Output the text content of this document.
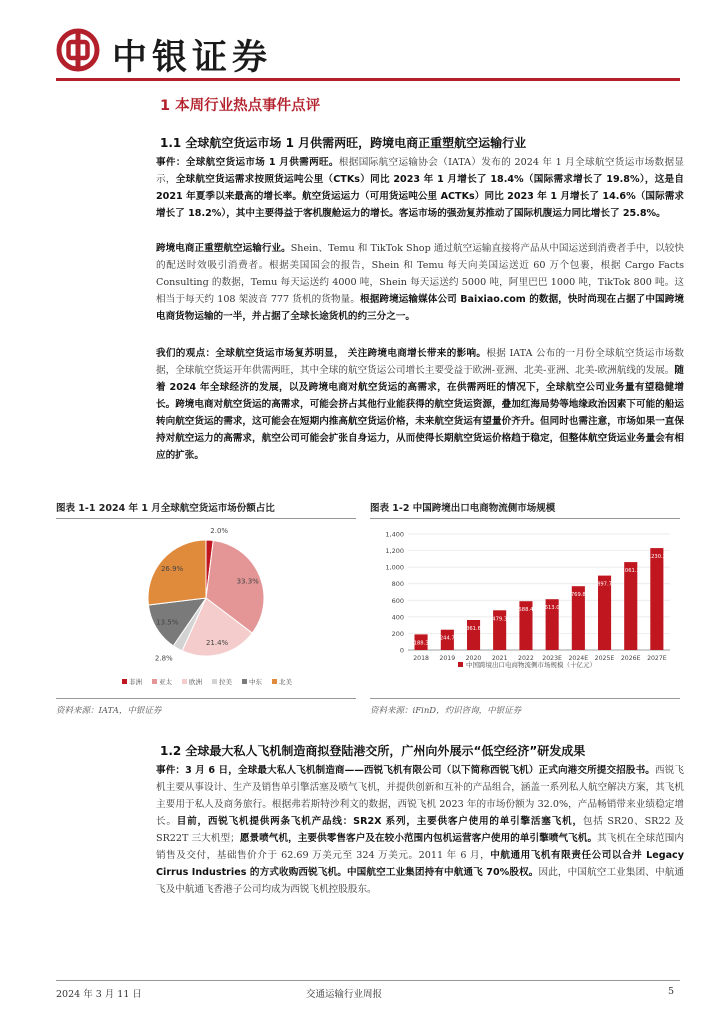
中银证券
1 本周行业热点事件点评
1.1 全球航空货运市场 1 月供需两旺，跨境电商正重塑航空运输行业
事件：全球航空货运市场 1 月供需两旺。根据国际航空运输协会（IATA）发布的 2024 年 1 月全球航空货运市场数据显示，全球航空货运需求按照货运吨公里（CTKs）同比 2023 年 1 月增长了 18.4%（国际需求增长了 19.8%），这是自 2021 年夏季以来最高的增长率。航空货运运力（可用货运吨公里 ACTKs）同比 2023 年 1 月增长了 14.6%（国际需求增长了 18.2%），其中主要得益于客机腹舱运力的增长。客运市场的强劲复苏推动了国际机腹运力同比增长了 25.8%。
跨境电商正重塑航空运输行业。Shein、Temu 和 TikTok Shop 通过航空运输直接将产品从中国运送到消费者手中，以较快的配送时效吸引消费者。根据美国国会的报告，Shein 和 Temu 每天向美国运送近 60 万个包裹，根据 Cargo Facts Consulting 的数据，Temu 每天运送约 4000 吨，Shein 每天运送约 5000 吨，阿里巴巴 1000 吨，TikTok 800 吨。这相当于每天约 108 架波音 777 货机的货物量。根据跨境运输媒体公司 Baixiao.com 的数据，快时尚现在占据了中国跨境电商货物运输的一半，并占据了全球长途货机的约三分之一。
我们的观点：全球航空货运市场复苏明显， 关注跨境电商增长带来的影响。根据 IATA 公布的一月份全球航空货运市场数据，全球航空货运开年供需两旺，其中全球的航空货运公司增长主要受益于欧洲-亚洲、北美-亚洲、北美-欧洲航线的发展。随着 2024 年全球经济的发展，以及跨境电商对航空货运的高需求，在供需两旺的情况下，全球航空公司业务量有望稳健增长。跨境电商对航空货运的高需求，可能会挤占其他行业能获得的航空货运资源，叠加红海局势等地缘政治因素下可能的船运转向航空货运的需求，这可能会在短期内推高航空货运价格，未来航空货运有望量价齐升。但同时也需注意，市场如果一直保持对航空运力的高需求，航空公司可能会扩张自身运力，从而使得长期航空货运价格趋于稳定，但整体航空货运业务量会有相应的扩张。
图表 1-1 2024 年 1 月全球航空货运市场份额占比
2.0%
33.3%
21.4%
2.8%
13.5%
26.9%
非洲	亚太	欧洲	拉美	中东	北美
资料来源：IATA，中银证券
图表 1-2 中国跨境出口电商物流侧市场规模
0
200
400
600
800
1,000
1,200
1,400
188.3
2018
244.7
2019
361.6
2020
479.3
2021
588.4
2022
613.0
2023E
769.8
2024E
897.7
2025E
1061.3
2026E
1230.2
2027E
中国跨境出口电商物流侧市场规模（十亿元）
资料来源：iFinD，灼识咨询，中银证券
1.2 全球最大私人飞机制造商拟登陆港交所，广州向外展示“低空经济”研发成果
事件：3 月 6 日，全球最大私人飞机制造商——西锐飞机有限公司（以下简称西锐飞机）正式向港交所提交招股书。西锐飞机主要从事设计、生产及销售单引擎活塞及喷气飞机，并提供创新和互补的产品组合，涵盖一系列私人航空解决方案，其飞机主要用于私人及商务旅行。根据弗若斯特沙利文的数据，西锐飞机 2023 年的市场份额为 32.0%，产品畅销带来业绩稳定增长。目前，西锐飞机提供两条飞机产品线：SR2X 系列，主要供客户使用的单引擎活塞飞机，包括 SR20、SR22 及 SR22T 三大机型；愿景喷气机，主要供零售客户及在较小范围内包机运营客户使用的单引擎喷气飞机。其飞机在全球范围内销售及交付，基础售价介于 62.69 万美元至 324 万美元。2011 年 6 月，中航通用飞机有限责任公司以合并 Legacy Cirrus Industries 的方式收购西锐飞机。中国航空工业集团持有中航通飞 70%股权。因此，中国航空工业集团、中航通飞及中航通飞香港子公司均成为西锐飞机控股股东。
2024 年 3 月 11 日	交通运输行业周报	5
